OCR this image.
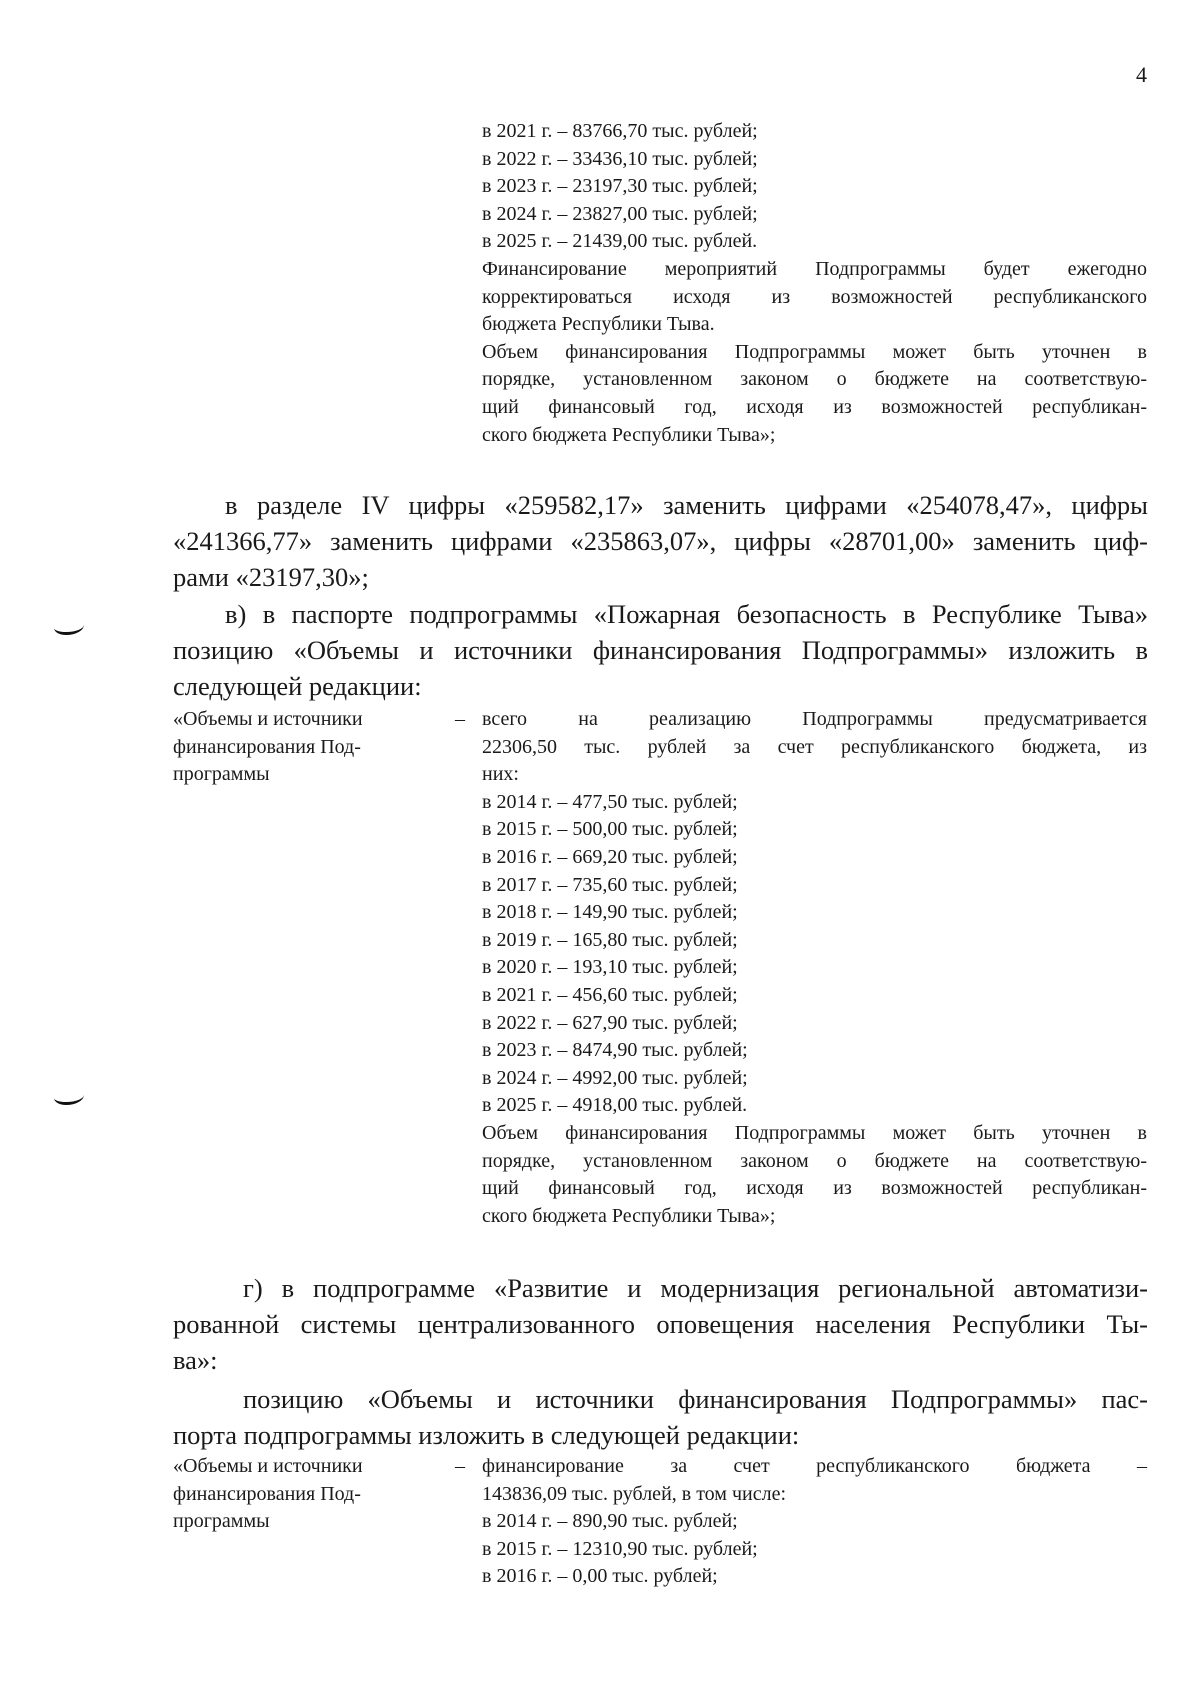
4
в 2021 г. – 83766,70 тыс. рублей;
в 2022 г. – 33436,10 тыс. рублей;
в 2023 г. – 23197,30 тыс. рублей;
в 2024 г. – 23827,00 тыс. рублей;
в 2025 г. – 21439,00 тыс. рублей.
Финансирование мероприятий Подпрограммы будет ежегодно
корректироваться исходя из возможностей республиканского
бюджета Республики Тыва.
Объем финансирования Подпрограммы может быть уточнен в
порядке, установленном законом о бюджете на соответствую-
щий финансовый год, исходя из возможностей республикан-
ского бюджета Республики Тыва»;
в разделе IV цифры «259582,17» заменить цифрами «254078,47», цифры
«241366,77» заменить цифрами «235863,07», цифры «28701,00» заменить циф-
рами «23197,30»;
в) в паспорте подпрограммы «Пожарная безопасность в Республике Тыва»
позицию «Объемы и источники финансирования Подпрограммы» изложить в
следующей редакции:
«Объемы и источники
финансирования Под-
программы
– всего на реализацию Подпрограммы предусматривается
22306,50 тыс. рублей за счет республиканского бюджета, из
них:
в 2014 г. – 477,50 тыс. рублей;
в 2015 г. – 500,00 тыс. рублей;
в 2016 г. – 669,20 тыс. рублей;
в 2017 г. – 735,60 тыс. рублей;
в 2018 г. – 149,90 тыс. рублей;
в 2019 г. – 165,80 тыс. рублей;
в 2020 г. – 193,10 тыс. рублей;
в 2021 г. – 456,60 тыс. рублей;
в 2022 г. – 627,90 тыс. рублей;
в 2023 г. – 8474,90 тыс. рублей;
в 2024 г. – 4992,00 тыс. рублей;
в 2025 г. – 4918,00 тыс. рублей.
Объем финансирования Подпрограммы может быть уточнен в
порядке, установленном законом о бюджете на соответствую-
щий финансовый год, исходя из возможностей республикан-
ского бюджета Республики Тыва»;
г) в подпрограмме «Развитие и модернизация региональной автоматизи-
рованной системы централизованного оповещения населения Республики Ты-
ва»:
позицию «Объемы и источники финансирования Подпрограммы» пас-
порта подпрограммы изложить в следующей редакции:
«Объемы и источники
финансирования Под-
программы
– финансирование за счет республиканского бюджета –
143836,09 тыс. рублей, в том числе:
в 2014 г. – 890,90 тыс. рублей;
в 2015 г. – 12310,90 тыс. рублей;
в 2016 г. – 0,00 тыс. рублей;
